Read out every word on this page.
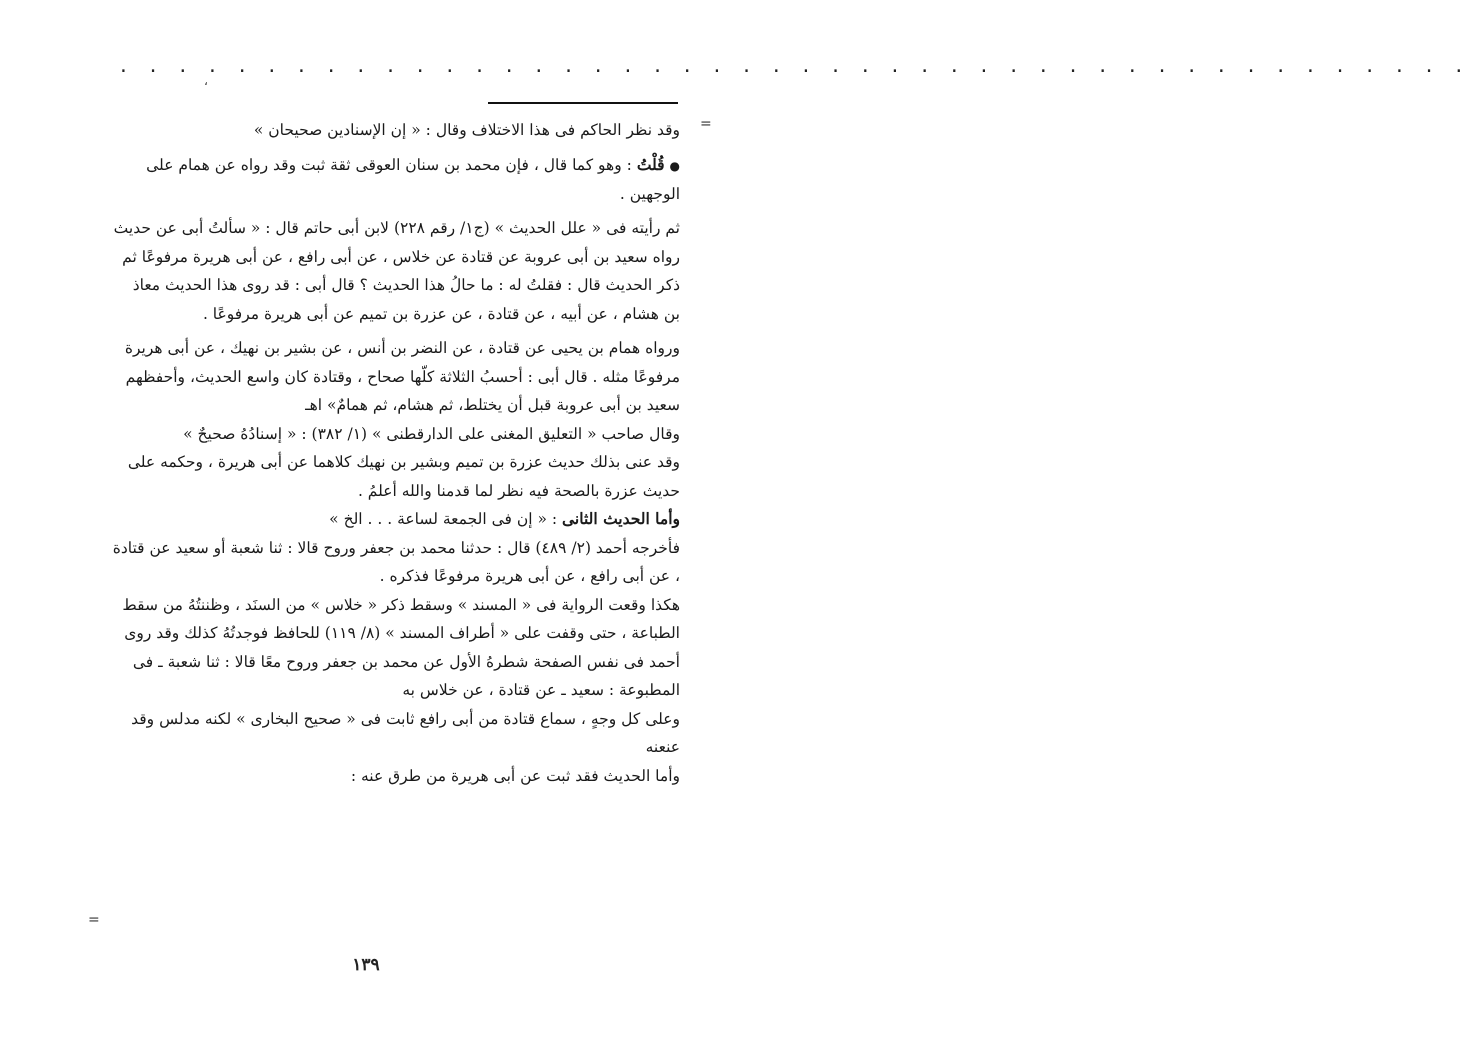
. . . . . . . . . . . . . . . . . . . . . . . . . . . . . . . . . . . . . . . . . . . . . .
،
=
=

وقد نظر الحاكم فى هذا الاختلاف وقال : « إن الإسنادين صحيحان »

● قُلْتُ : وهو كما قال ، فإن محمد بن سنان العوقى ثقة ثبت وقد رواه عن همام على الوجهين .

ثم رأيته فى « علل الحديث » (ج١/ رقم ٢٢٨) لابن أبى حاتم قال : « سألتُ أبى عن حديث رواه سعيد بن أبى عروبة عن قتادة عن خلاس ، عن أبى رافع ، عن أبى هريرة مرفوعًا ثم ذكر الحديث قال : فقلتُ له : ما حالُ هذا الحديث ؟ قال أبى : قد روى هذا الحديث معاذ بن هشام ، عن أبيه ، عن قتادة ، عن عزرة بن تميم عن أبى هريرة مرفوعًا .

ورواه همام بن يحيى عن قتادة ، عن النضر بن أنس ، عن بشير بن نهيك ، عن أبى هريرة مرفوعًا مثله . قال أبى : أحسبُ الثلاثة كلّها صحاح ، وقتادة كان واسع الحديث، وأحفظهم سعيد بن أبى عروبة قبل أن يختلط، ثم هشام، ثم همامٌ» اهـ

وقال صاحب « التعليق المغنى على الدارقطنى » (١/ ٣٨٢) : « إسنادُهُ صحيحٌ »

وقد عنى بذلك حديث عزرة بن تميم وبشير بن نهيك كلاهما عن أبى هريرة ، وحكمه على حديث عزرة بالصحة فيه نظر لما قدمنا والله أعلمُ .

وأما الحديث الثانى : « إن فى الجمعة لساعة . . . الخ »

فأخرجه أحمد (٢/ ٤٨٩) قال : حدثنا محمد بن جعفر وروح قالا : ثنا شعبة أو سعيد عن قتادة ، عن أبى رافع ، عن أبى هريرة مرفوعًا فذكره .

هكذا وقعت الرواية فى « المسند » وسقط ذكر « خلاس » من السنَد ، وظننتُهُ من سقط الطباعة ، حتى وقفت على « أطراف المسند » (٨/ ١١٩) للحافظ فوجدتُهُ كذلك وقد روى أحمد فى نفس الصفحة شطرهُ الأول عن محمد بن جعفر وروح معًا قالا : ثنا شعبة ـ فى المطبوعة : سعيد ـ عن قتادة ، عن خلاس به

وعلى كل وجهٍ ، سماع قتادة من أبى رافع ثابت فى « صحيح البخارى » لكنه مدلس وقد عنعنه

وأما الحديث فقد ثبت عن أبى هريرة من طرق عنه :

١٣٩
